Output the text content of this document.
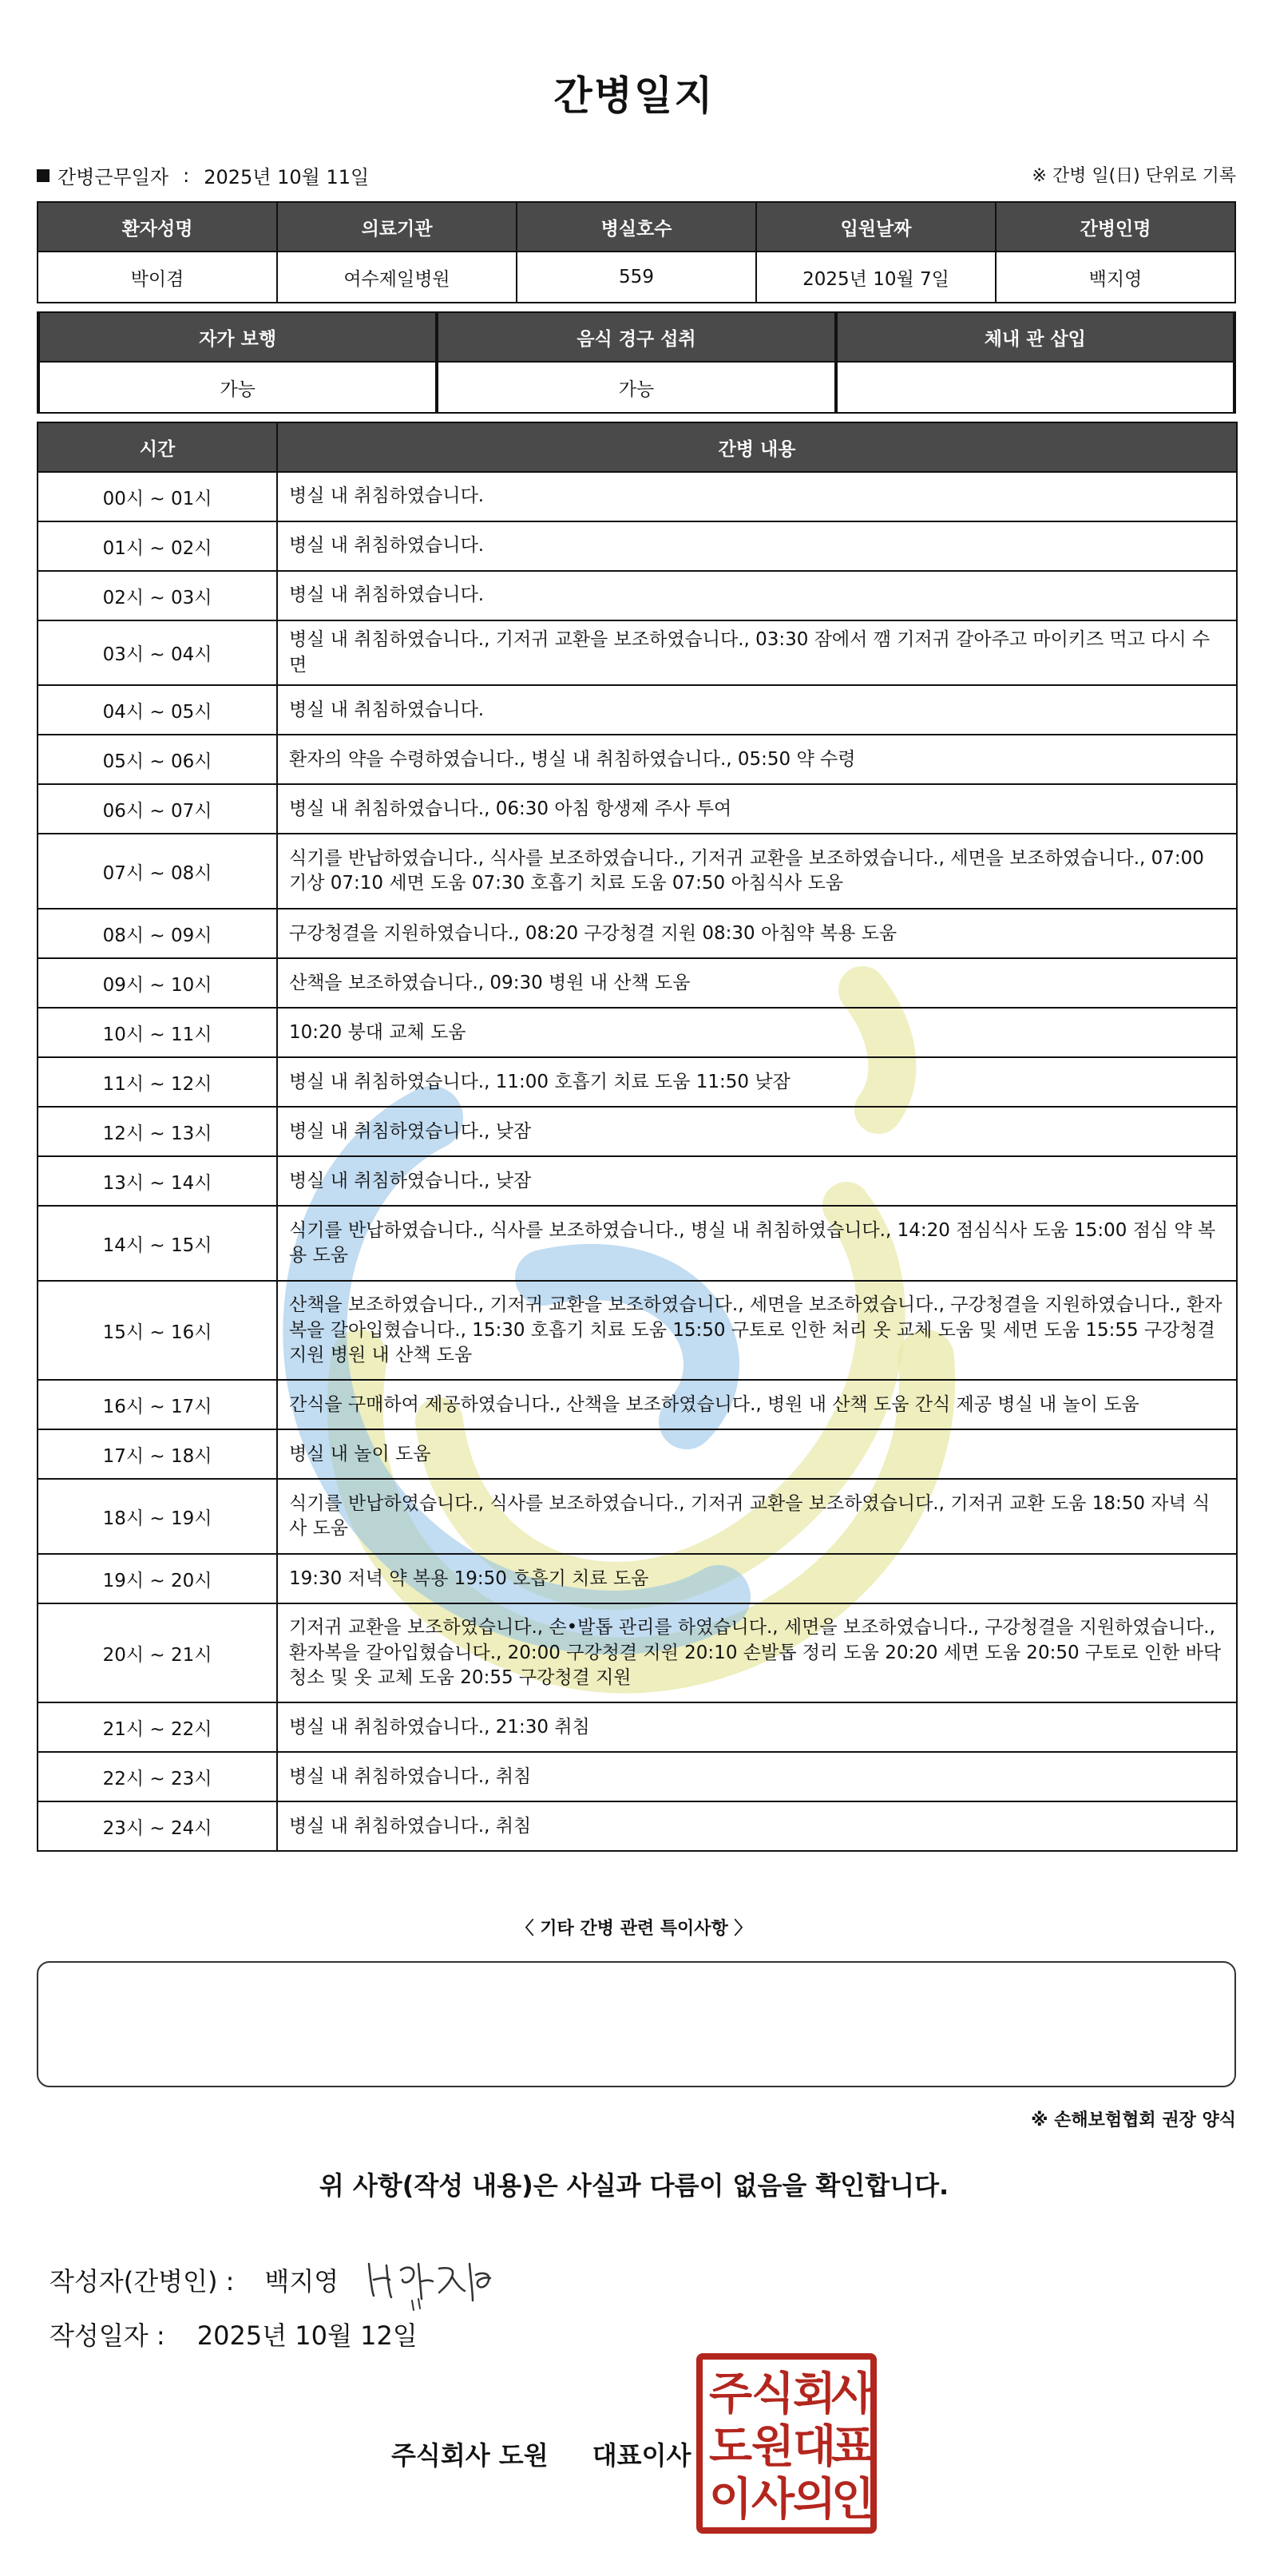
간병일지
간병근무일자 : 2025년 10월 11일	※ 간병 일(日) 단위로 기록
환자성명	의료기관	병실호수	입원날짜	간병인명
박이겸	여수제일병원	559	2025년 10월 7일	백지영
자가 보행	음식 경구 섭취	체내 관 삽입
가능	가능	
시간	간병 내용
00시 ~ 01시	병실 내 취침하였습니다.
01시 ~ 02시	병실 내 취침하였습니다.
02시 ~ 03시	병실 내 취침하였습니다.
03시 ~ 04시	병실 내 취침하였습니다., 기저귀 교환을 보조하였습니다., 03:30 잠에서 깸 기저귀 갈아주고 마이키즈 먹고 다시 수면
04시 ~ 05시	병실 내 취침하였습니다.
05시 ~ 06시	환자의 약을 수령하였습니다., 병실 내 취침하였습니다., 05:50 약 수령
06시 ~ 07시	병실 내 취침하였습니다., 06:30 아침 항생제 주사 투여
07시 ~ 08시	식기를 반납하였습니다., 식사를 보조하였습니다., 기저귀 교환을 보조하였습니다., 세면을 보조하였습니다., 07:00 기상 07:10 세면 도움 07:30 호흡기 치료 도움 07:50 아침식사 도움
08시 ~ 09시	구강청결을 지원하였습니다., 08:20 구강청결 지원 08:30 아침약 복용 도움
09시 ~ 10시	산책을 보조하였습니다., 09:30 병원 내 산책 도움
10시 ~ 11시	10:20 붕대 교체 도움
11시 ~ 12시	병실 내 취침하였습니다., 11:00 호흡기 치료 도움 11:50 낮잠
12시 ~ 13시	병실 내 취침하였습니다., 낮잠
13시 ~ 14시	병실 내 취침하였습니다., 낮잠
14시 ~ 15시	식기를 반납하였습니다., 식사를 보조하였습니다., 병실 내 취침하였습니다., 14:20 점심식사 도움 15:00 점심 약 복용 도움
15시 ~ 16시	산책을 보조하였습니다., 기저귀 교환을 보조하였습니다., 세면을 보조하였습니다., 구강청결을 지원하였습니다., 환자복을 갈아입혔습니다., 15:30 호흡기 치료 도움 15:50 구토로 인한 처리 옷 교체 도움 및 세면 도움 15:55 구강청결 지원 병원 내 산책 도움
16시 ~ 17시	간식을 구매하여 제공하였습니다., 산책을 보조하였습니다., 병원 내 산책 도움 간식 제공 병실 내 놀이 도움
17시 ~ 18시	병실 내 놀이 도움
18시 ~ 19시	식기를 반납하였습니다., 식사를 보조하였습니다., 기저귀 교환을 보조하였습니다., 기저귀 교환 도움 18:50 자녁 식사 도움
19시 ~ 20시	19:30 저녁 약 복용 19:50 호흡기 치료 도움
20시 ~ 21시	기저귀 교환을 보조하였습니다., 손•발톱 관리를 하였습니다., 세면을 보조하였습니다., 구강청결을 지원하였습니다., 환자복을 갈아입혔습니다., 20:00 구강청결 지원 20:10 손발톱 정리 도움 20:20 세면 도움 20:50 구토로 인한 바닥 청소 및 옷 교체 도움 20:55 구강청결 지원
21시 ~ 22시	병실 내 취침하였습니다., 21:30 취침
22시 ~ 23시	병실 내 취침하였습니다., 취침
23시 ~ 24시	병실 내 취침하였습니다., 취침
〈 기타 간병 관련 특이사항 〉
※ 손해보험협회 권장 양식
위 사항(작성 내용)은 사실과 다름이 없음을 확인합니다.
작성자(간병인) : 백지영
작성일자 : 2025년 10월 12일
주식회사 도원 대표이사
주
식
회
사
도
원
대
표
이
사
의
인
